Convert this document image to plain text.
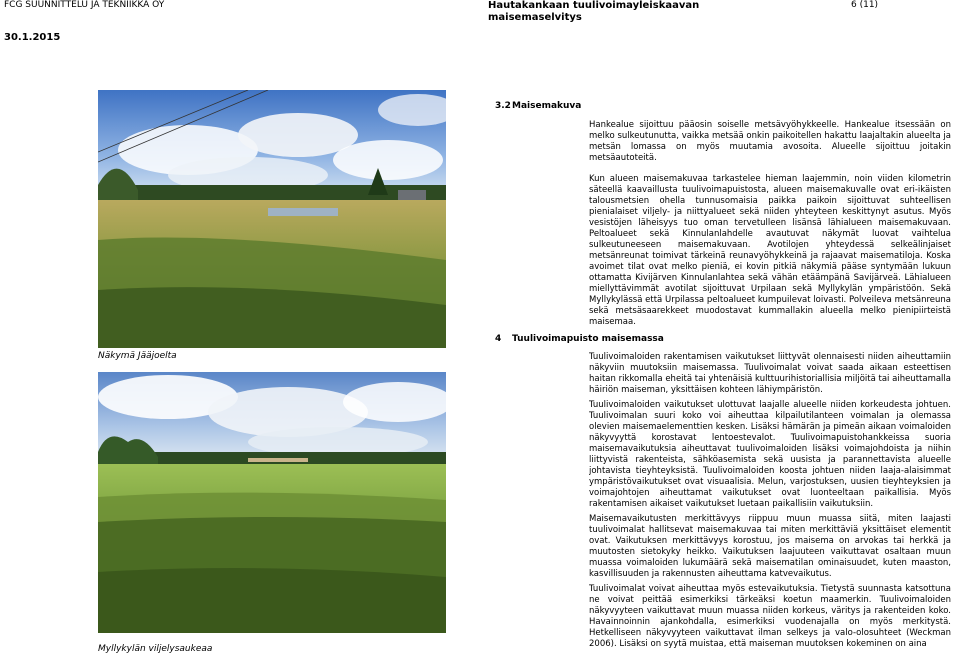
FCG SUUNNITTELU JA TEKNIIKKA OY	Hautakankaan tuulivoimayleiskaavan
maisemaselvitys
6 (11)
30.1.2015
Näkymä Jääjoelta
Myllykylän viljelysaukeaa
3.2Maisemakuva

Hankealue sijoittuu pääosin soiselle metsävyöhykkeelle. Hankealue itsessään on melko sulkeutunutta, vaikka metsää onkin paikoitellen hakattu laajaltakin alueelta ja metsän lomassa on myös muutamia avosoita. Alueelle sijoittuu joitakin metsäautoteitä.

Kun alueen maisemakuvaa tarkastelee hieman laajemmin, noin viiden kilometrin säteellä kaavaillusta tuulivoimapuistosta, alueen maisemakuvalle ovat eri-ikäisten talousmetsien ohella tunnusomaisia paikka paikoin sijoittuvat suhteellisen pienialaiset viljely- ja niittyalueet sekä niiden yhteyteen keskittynyt asutus. Myös vesistöjen läheisyys tuo oman tervetulleen lisänsä lähialueen maisemakuvaan. Peltoalueet sekä Kinnulanlahdelle avautuvat näkymät luovat vaihtelua sulkeutuneeseen maisemakuvaan. Avotilojen yhteydessä selkeälinjaiset metsänreunat toimivat tärkeinä reunavyöhykkeinä ja rajaavat maisematiloja. Koska avoimet tilat ovat melko pieniä, ei kovin pitkiä näkymiä pääse syntymään lukuun ottamatta Kivijärven Kinnulanlahtea sekä vähän etäämpänä Savijärveä. Lähialueen miellyttävimmät avotilat sijoittuvat Urpilaan sekä Myllykylän ympäristöön. Sekä Myllykylässä että Urpilassa peltoalueet kumpuilevat loivasti. Polveileva metsänreuna sekä metsäsaarekkeet muodostavat kummallakin alueella melko pienipiirteistä maisemaa.

4 Tuulivoimapuisto maisemassa

Tuulivoimaloiden rakentamisen vaikutukset liittyvät olennaisesti niiden aiheuttamiin näkyviin muutoksiin maisemassa. Tuulivoimalat voivat saada aikaan esteettisen haitan rikkomalla eheitä tai yhtenäisiä kulttuurihistoriallisia miljöitä tai aiheuttamalla häiriön maiseman, yksittäisen kohteen lähiympäristön.

Tuulivoimaloiden vaikutukset ulottuvat laajalle alueelle niiden korkeudesta johtuen. Tuulivoimalan suuri koko voi aiheuttaa kilpailutilanteen voimalan ja olemassa olevien maisemaelementtien kesken. Lisäksi hämärän ja pimeän aikaan voimaloiden näkyvyyttä korostavat lentoestevalot. Tuulivoimapuistohankkeissa suoria maisemavaikutuksia aiheuttavat tuulivoimaloiden lisäksi voimajohdoista ja niihin liittyvistä rakenteista, sähköasemista sekä uusista ja parannettavista alueelle johtavista tieyhteyksistä. Tuulivoimaloiden koosta johtuen niiden laaja-alaisimmat ympäristövaikutukset ovat visuaalisia. Melun, varjostuksen, uusien tieyhteyksien ja voimajohtojen aiheuttamat vaikutukset ovat luonteeltaan paikallisia. Myös rakentamisen aikaiset vaikutukset luetaan paikallisiin vaikutuksiin.

Maisemavaikutusten merkittävyys riippuu muun muassa siitä, miten laajasti tuulivoimalat hallitsevat maisemakuvaa tai miten merkittäviä yksittäiset elementit ovat. Vaikutuksen merkittävyys korostuu, jos maisema on arvokas tai herkkä ja muutosten sietokyky heikko. Vaikutuksen laajuuteen vaikuttavat osaltaan muun muassa voimaloiden lukumäärä sekä maisematilan ominaisuudet, kuten maaston, kasvillisuuden ja rakennusten aiheuttama katvevaikutus.

Tuulivoimalat voivat aiheuttaa myös estevaikutuksia. Tietystä suunnasta katsottuna ne voivat peittää esimerkiksi tärkeäksi koetun maamerkin. Tuulivoimaloiden näkyvyyteen vaikuttavat muun muassa niiden korkeus, väritys ja rakenteiden koko. Havainnoinnin ajankohdalla, esimerkiksi vuodenajalla on myös merkitystä. Hetkelliseen näkyvyyteen vaikuttavat ilman selkeys ja valo-olosuhteet (Weckman 2006). Lisäksi on syytä muistaa, että maiseman muutoksen kokeminen on aina
